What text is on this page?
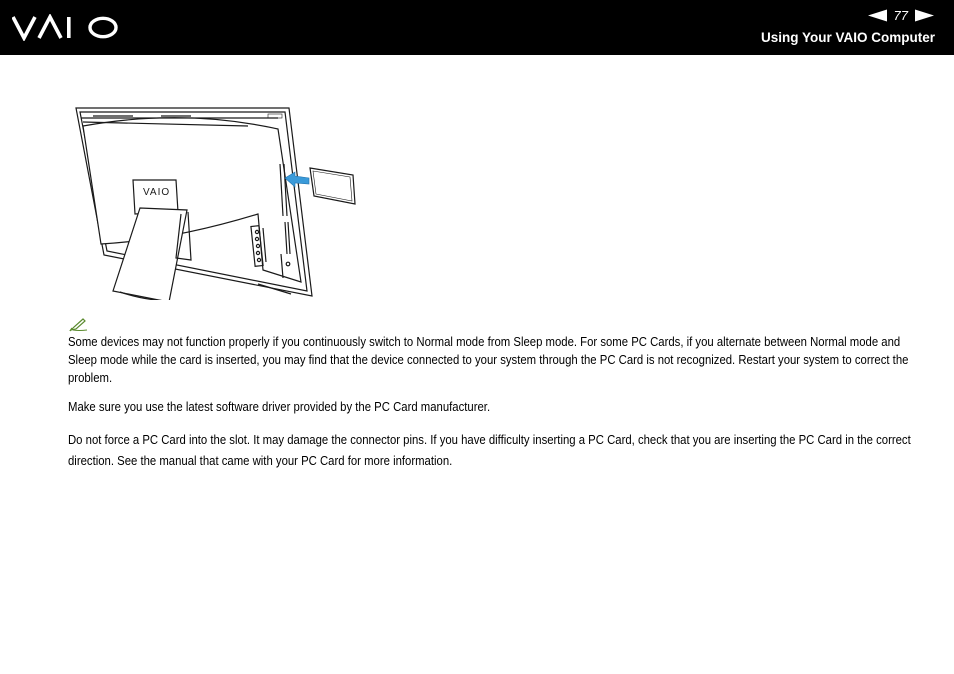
77
Using Your VAIO Computer
VAIO
Some devices may not function properly if you continuously switch to Normal mode from Sleep mode. For some PC Cards, if you alternate between Normal mode and Sleep mode while the card is inserted, you may find that the device connected to your system through the PC Card is not recognized. Restart your system to correct the problem.
Make sure you use the latest software driver provided by the PC Card manufacturer.
Do not force a PC Card into the slot. It may damage the connector pins. If you have difficulty inserting a PC Card, check that you are inserting the PC Card in the correct direction. See the manual that came with your PC Card for more information.
